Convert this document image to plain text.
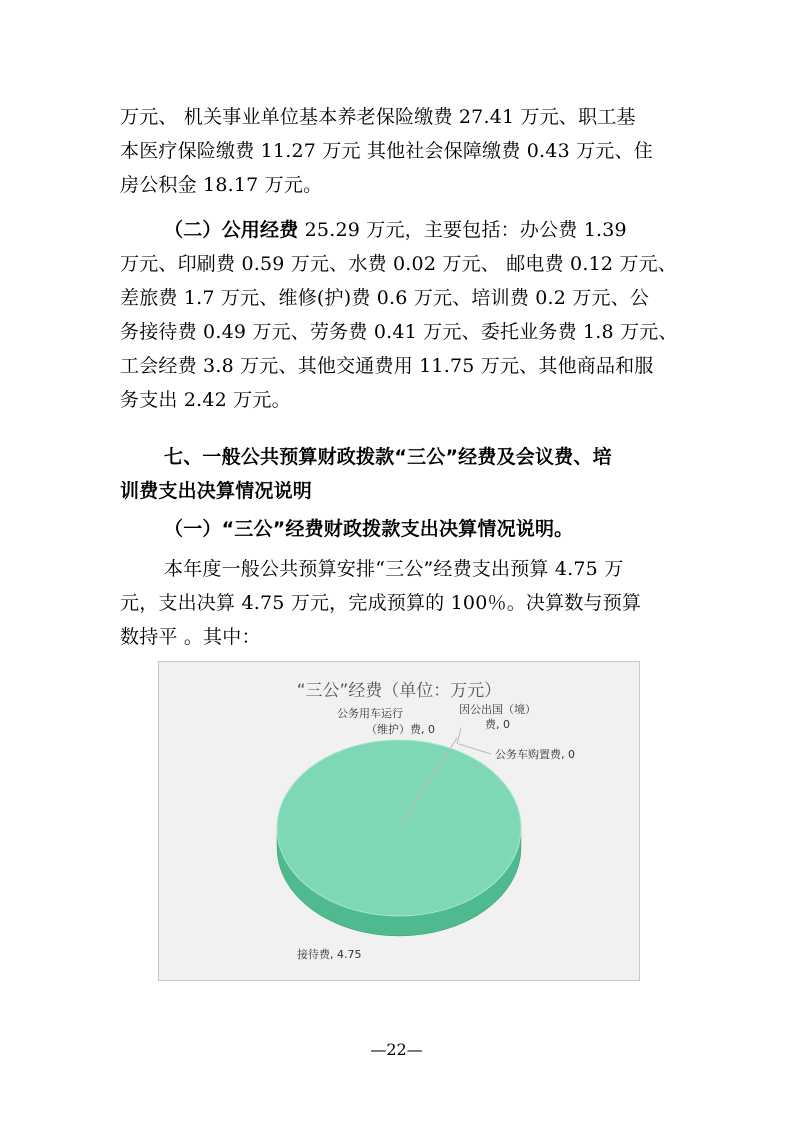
万元、 机关事业单位基本养老保险缴费 27.41 万元、职工基
本医疗保险缴费 11.27 万元 其他社会保障缴费 0.43 万元、住
房公积金 18.17 万元。
（二）公用经费 25.29 万元，主要包括：办公费 1.39
万元、印刷费 0.59 万元、水费 0.02 万元、 邮电费 0.12 万元、
差旅费 1.7 万元、维修(护)费 0.6 万元、培训费 0.2 万元、公
务接待费 0.49 万元、劳务费 0.41 万元、委托业务费 1.8 万元、
工会经费 3.8 万元、其他交通费用 11.75 万元、其他商品和服
务支出 2.42 万元。
七、一般公共预算财政拨款“三公”经费及会议费、培
训费支出决算情况说明
（一）“三公”经费财政拨款支出决算情况说明。
本年度一般公共预算安排“三公”经费支出预算 4.75 万
元，支出决算 4.75 万元，完成预算的 100％。决算数与预算
数持平 。其中：
“三公”经费（单位：万元）
公务用车运行
（维护）费, 0
因公出国（境）
费, 0
公务车购置费, 0
接待费, 4.75
—22—
